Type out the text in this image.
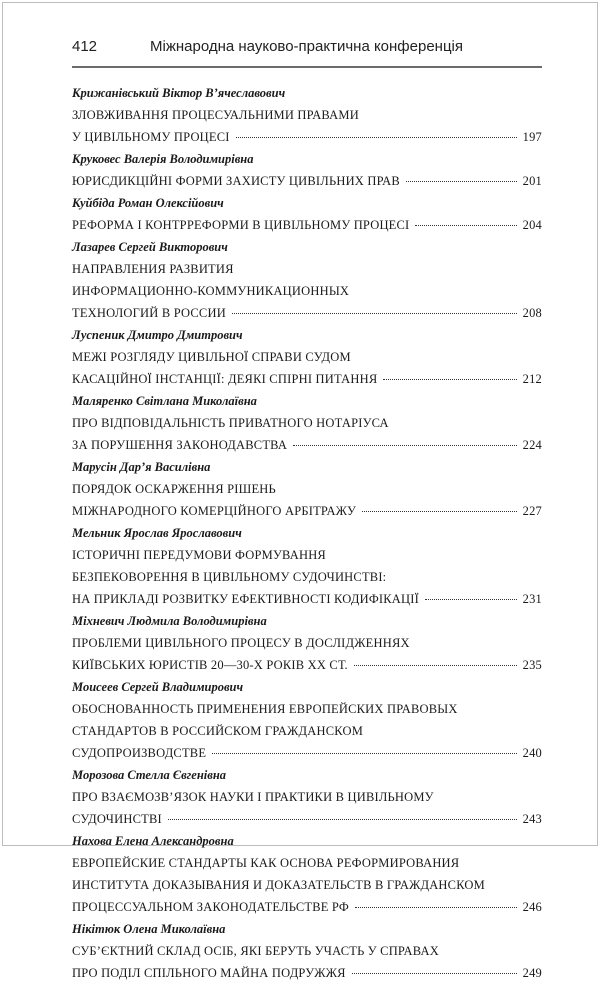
412	Міжнародна науково-практична конференція
Крижанівський Віктор В’ячеславович
ЗЛОВЖИВАННЯ ПРОЦЕСУАЛЬНИМИ ПРАВАМИ
У ЦИВІЛЬНОМУ ПРОЦЕСІ	197
Круковес Валерія Володимирівна
ЮРИСДИКЦІЙНІ ФОРМИ ЗАХИСТУ ЦИВІЛЬНИХ ПРАВ	201
Куйбіда Роман Олексійович
РЕФОРМА І КОНТРРЕФОРМИ В ЦИВІЛЬНОМУ ПРОЦЕСІ	204
Лазарев Сергей Викторович
НАПРАВЛЕНИЯ РАЗВИТИЯ
ИНФОРМАЦИОННО-КОММУНИКАЦИОННЫХ
ТЕХНОЛОГИЙ В РОССИИ	208
Луспеник Дмитро Дмитрович
МЕЖІ РОЗГЛЯДУ ЦИВІЛЬНОЇ СПРАВИ СУДОМ
КАСАЦІЙНОЇ ІНСТАНЦІЇ: ДЕЯКІ СПІРНІ ПИТАННЯ	212
Маляренко Світлана Миколаївна
ПРО ВІДПОВІДАЛЬНІСТЬ ПРИВАТНОГО НОТАРІУСА
ЗА ПОРУШЕННЯ ЗАКОНОДАВСТВА	224
Марусін Дар’я Василівна
ПОРЯДОК ОСКАРЖЕННЯ РІШЕНЬ
МІЖНАРОДНОГО КОМЕРЦІЙНОГО АРБІТРАЖУ	227
Мельник Ярослав Ярославович
ІСТОРИЧНІ ПЕРЕДУМОВИ ФОРМУВАННЯ
БЕЗПЕКОВОРЕННЯ В ЦИВІЛЬНОМУ СУДОЧИНСТВІ:
НА ПРИКЛАДІ РОЗВИТКУ ЕФЕКТИВНОСТІ КОДИФІКАЦІЇ	231
Міхневич Людмила Володимирівна
ПРОБЛЕМИ ЦИВІЛЬНОГО ПРОЦЕСУ В ДОСЛІДЖЕННЯХ
КИЇВСЬКИХ ЮРИСТІВ 20—30-Х РОКІВ ХХ СТ.	235
Моисеев Сергей Владимирович
ОБОСНОВАННОСТЬ ПРИМЕНЕНИЯ ЕВРОПЕЙСКИХ ПРАВОВЫХ
СТАНДАРТОВ В РОССИЙСКОМ ГРАЖДАНСКОМ
СУДОПРОИЗВОДСТВЕ	240
Морозова Стелла Євгенівна
ПРО ВЗАЄМОЗВ’ЯЗОК НАУКИ І ПРАКТИКИ В ЦИВІЛЬНОМУ
СУДОЧИНСТВІ	243
Нахова Елена Александровна
ЕВРОПЕЙСКИЕ СТАНДАРТЫ КАК ОСНОВА РЕФОРМИРОВАНИЯ
ИНСТИТУТА ДОКАЗЫВАНИЯ И ДОКАЗАТЕЛЬСТВ В ГРАЖДАНСКОМ
ПРОЦЕССУАЛЬНОМ ЗАКОНОДАТЕЛЬСТВЕ РФ	246
Нікітюк Олена Миколаївна
СУБ’ЄКТНИЙ СКЛАД ОСІБ, ЯКІ БЕРУТЬ УЧАСТЬ У СПРАВАХ
ПРО ПОДІЛ СПІЛЬНОГО МАЙНА ПОДРУЖЖЯ	249
